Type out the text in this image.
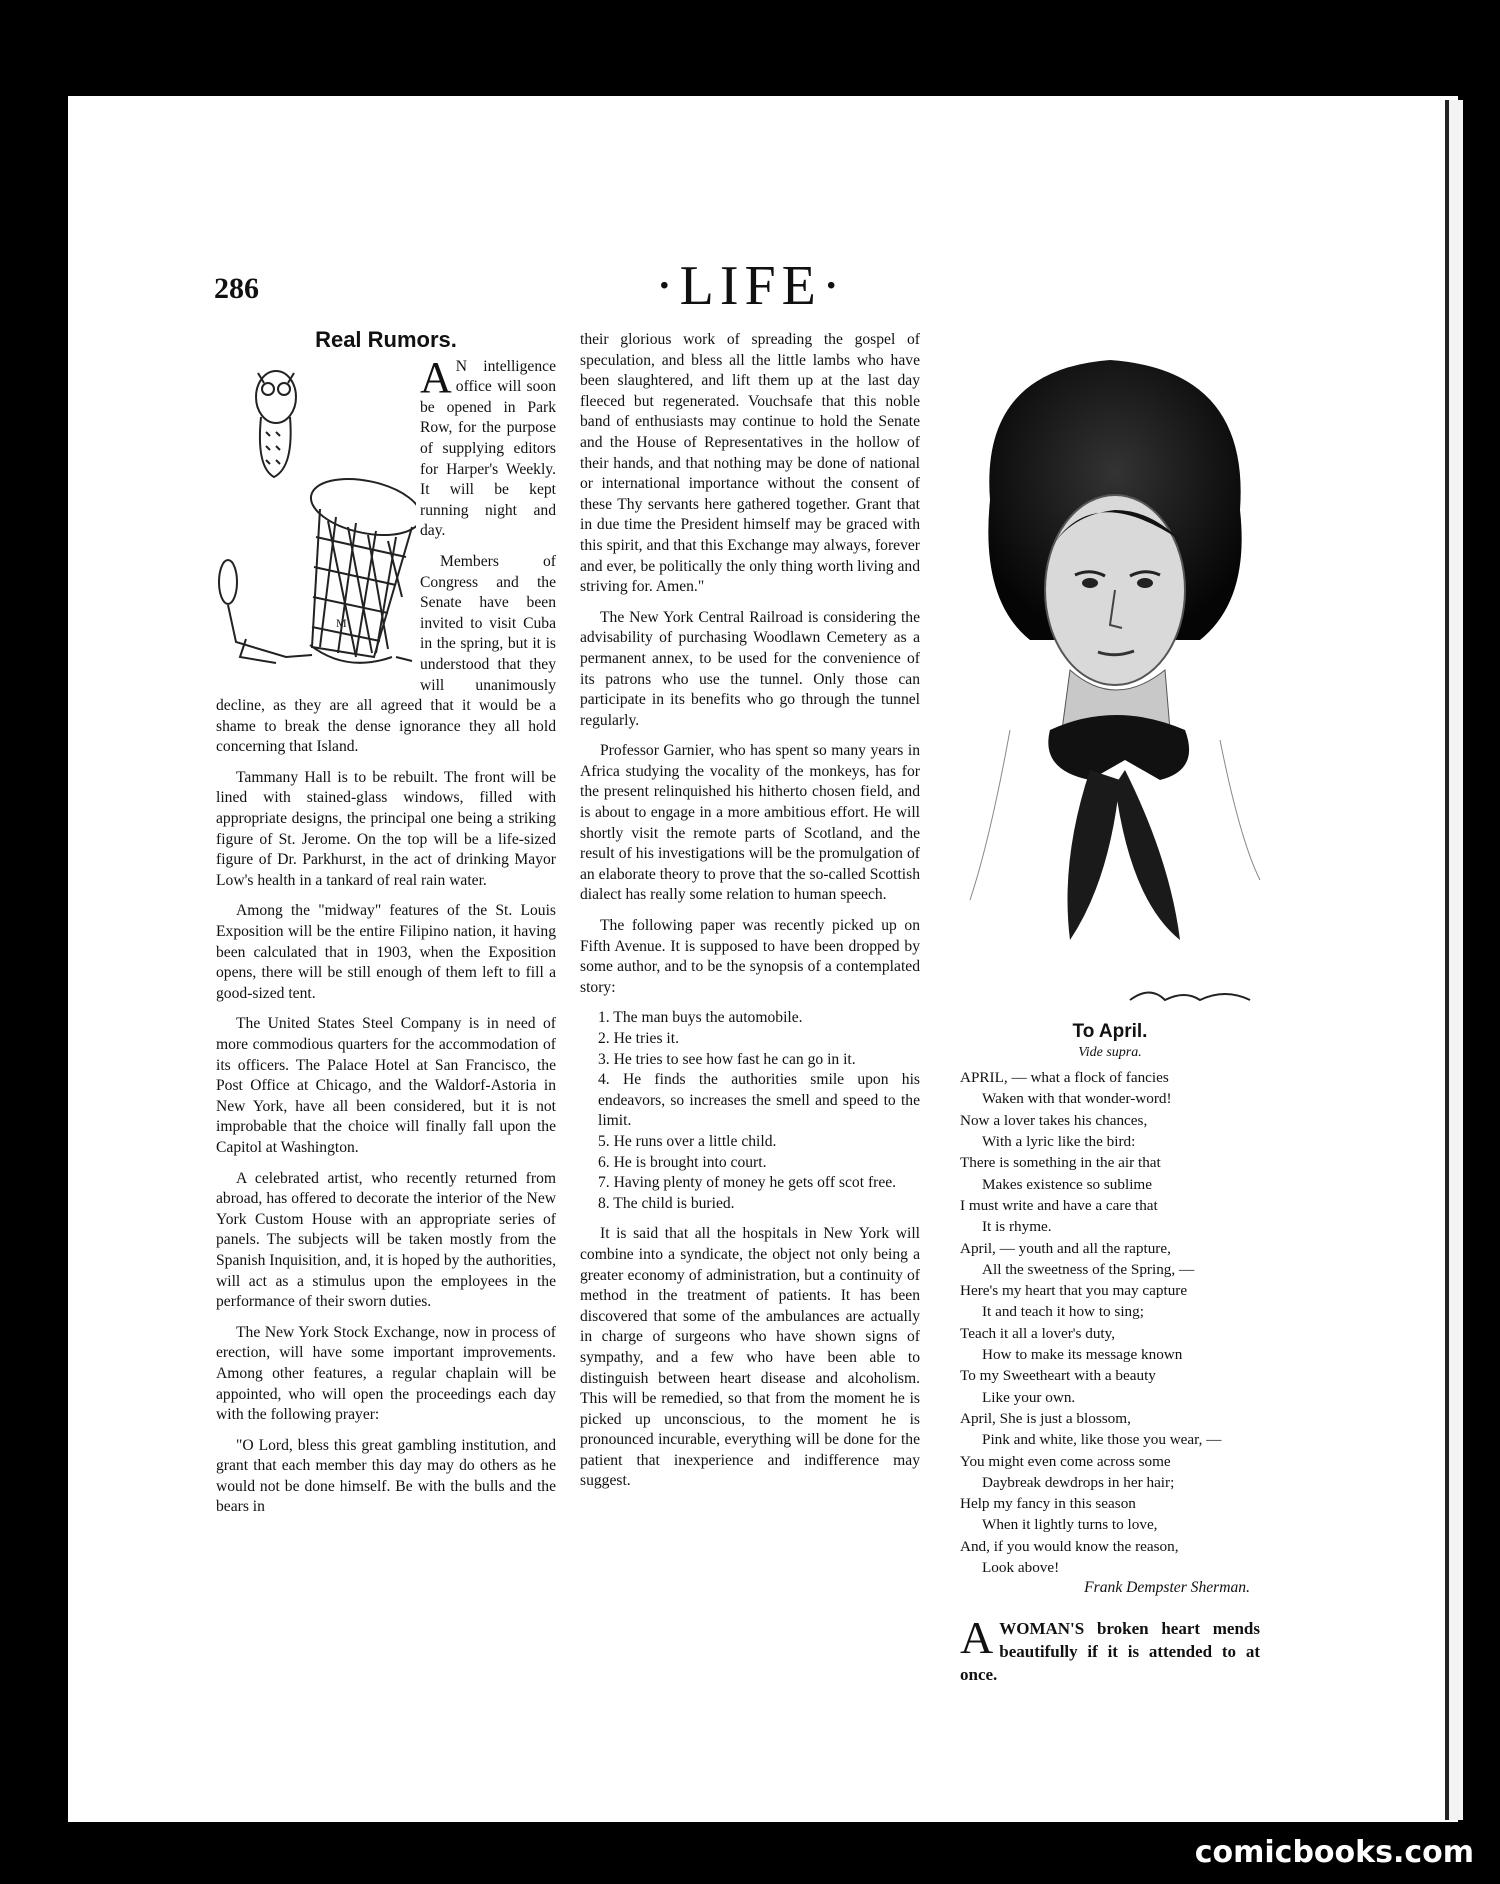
286	·LIFE·
Real Rumors.
M

A N intelligence office will soon be opened in Park Row, for the purpose of supplying editors for Harper's Weekly. It will be kept running night and day.

Members of Congress and the Senate have been invited to visit Cuba in the spring, but it is understood that they will unanimously decline, as they are all agreed that it would be a shame to break the dense ignorance they all hold concerning that Island.

Tammany Hall is to be rebuilt. The front will be lined with stained-glass windows, filled with appropriate designs, the principal one being a striking figure of St. Jerome. On the top will be a life-sized figure of Dr. Parkhurst, in the act of drinking Mayor Low's health in a tankard of real rain water.

Among the "midway" features of the St. Louis Exposition will be the entire Filipino nation, it having been calculated that in 1903, when the Exposition opens, there will be still enough of them left to fill a good-sized tent.

The United States Steel Company is in need of more commodious quarters for the accommodation of its officers. The Palace Hotel at San Francisco, the Post Office at Chicago, and the Waldorf-Astoria in New York, have all been considered, but it is not improbable that the choice will finally fall upon the Capitol at Washington.

A celebrated artist, who recently returned from abroad, has offered to decorate the interior of the New York Custom House with an appropriate series of panels. The subjects will be taken mostly from the Spanish Inquisition, and, it is hoped by the authorities, will act as a stimulus upon the employees in the performance of their sworn duties.

The New York Stock Exchange, now in process of erection, will have some important improvements. Among other features, a regular chaplain will be appointed, who will open the proceedings each day with the following prayer:

"O Lord, bless this great gambling institution, and grant that each member this day may do others as he would not be done himself. Be with the bulls and the bears in

their glorious work of spreading the gospel of speculation, and bless all the little lambs who have been slaughtered, and lift them up at the last day fleeced but regenerated. Vouchsafe that this noble band of enthusiasts may continue to hold the Senate and the House of Representatives in the hollow of their hands, and that nothing may be done of national or international importance without the consent of these Thy servants here gathered together. Grant that in due time the President himself may be graced with this spirit, and that this Exchange may always, forever and ever, be politically the only thing worth living and striving for. Amen."

The New York Central Railroad is considering the advisability of purchasing Woodlawn Cemetery as a permanent annex, to be used for the convenience of its patrons who use the tunnel. Only those can participate in its benefits who go through the tunnel regularly.

Professor Garnier, who has spent so many years in Africa studying the vocality of the monkeys, has for the present relinquished his hitherto chosen field, and is about to engage in a more ambitious effort. He will shortly visit the remote parts of Scotland, and the result of his investigations will be the promulgation of an elaborate theory to prove that the so-called Scottish dialect has really some relation to human speech.

The following paper was recently picked up on Fifth Avenue. It is supposed to have been dropped by some author, and to be the synopsis of a contemplated story:

1. The man buys the automobile.
2. He tries it.
3. He tries to see how fast he can go in it.
4. He finds the authorities smile upon his endeavors, so increases the smell and speed to the limit.
5. He runs over a little child.
6. He is brought into court.
7. Having plenty of money he gets off scot free.
8. The child is buried.

It is said that all the hospitals in New York will combine into a syndicate, the object not only being a greater economy of administration, but a continuity of method in the treatment of patients. It has been discovered that some of the ambulances are actually in charge of surgeons who have shown signs of sympathy, and a few who have been able to distinguish between heart disease and alcoholism. This will be remedied, so that from the moment he is picked up unconscious, to the moment he is pronounced incurable, everything will be done for the patient that inexperience and indifference may suggest.

To April.
Vide supra.
APRIL, — what a flock of fancies
Waken with that wonder-word!
Now a lover takes his chances,
With a lyric like the bird:
There is something in the air that
Makes existence so sublime
I must write and have a care that
It is rhyme.
April, — youth and all the rapture,
All the sweetness of the Spring, —
Here's my heart that you may capture
It and teach it how to sing;
Teach it all a lover's duty,
How to make its message known
To my Sweetheart with a beauty
Like your own.
April, She is just a blossom,
Pink and white, like those you wear, —
You might even come across some
Daybreak dewdrops in her hair;
Help my fancy in this season
When it lightly turns to love,
And, if you would know the reason,
Look above!
Frank Dempster Sherman.
AWOMAN'S broken heart mends beautifully if it is attended to at once.
comicbooks.com
